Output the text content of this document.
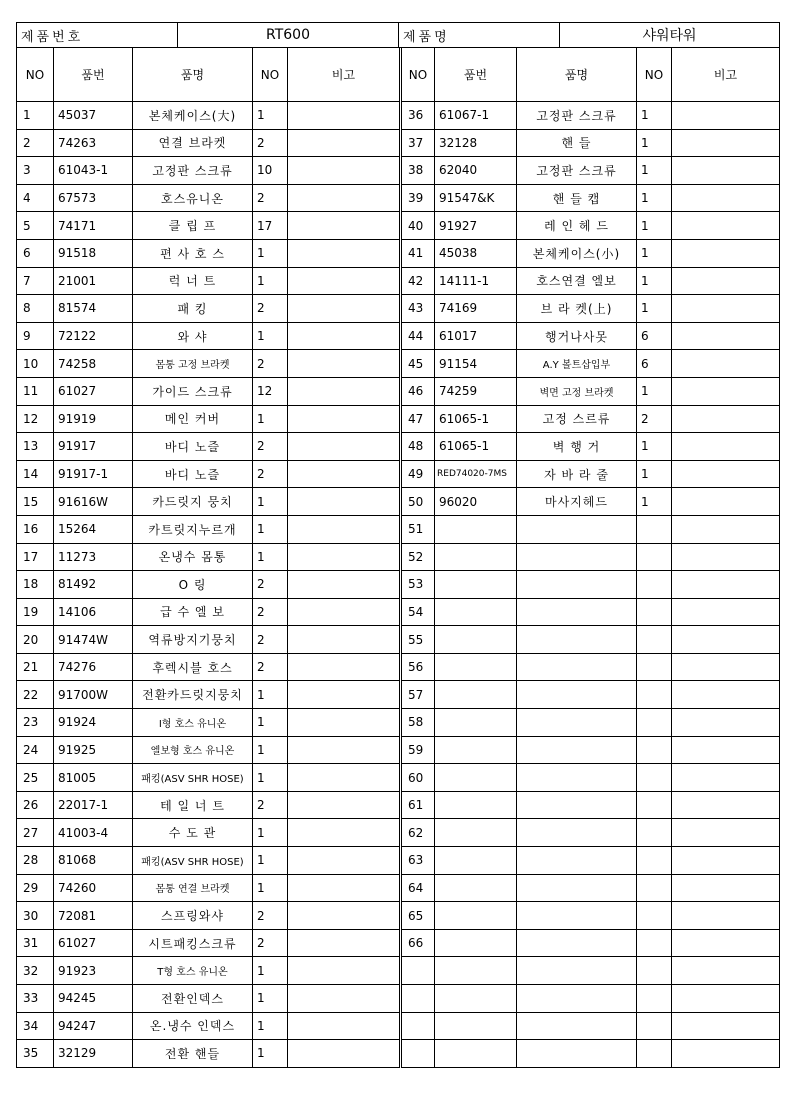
제품번호	RT600	제품명	샤워타워
NO	품번	품명	NO	비고
1	45037	본체케이스(大)	1	
2	74263	연결 브라켓	2	
3	61043-1	고정판 스크류	10	
4	67573	호스유니온	2	
5	74171	클 립 프	17	
6	91518	편 사 호 스	1	
7	21001	럭 너 트	1	
8	81574	패 킹	2	
9	72122	와 샤	1	
10	74258	몸통 고정 브라켓	2	
11	61027	가이드 스크류	12	
12	91919	메인 커버	1	
13	91917	바디 노즐	2	
14	91917-1	바디 노즐	2	
15	91616W	카드릿지 뭉치	1	
16	15264	카트릿지누르개	1	
17	11273	온냉수 몸통	1	
18	81492	O 링	2	
19	14106	급 수 엘 보	2	
20	91474W	역류방지기뭉치	2	
21	74276	후렉시블 호스	2	
22	91700W	전환카드릿지뭉치	1	
23	91924	I형 호스 유니온	1	
24	91925	엘보형 호스 유니온	1	
25	81005	패킹(ASV SHR HOSE)	1	
26	22017-1	테 일 너 트	2	
27	41003-4	수 도 관	1	
28	81068	패킹(ASV SHR HOSE)	1	
29	74260	몸통 연결 브라켓	1	
30	72081	스프링와샤	2	
31	61027	시트패킹스크류	2	
32	91923	T형 호스 유니온	1	
33	94245	전환인덱스	1	
34	94247	온.냉수 인덱스	1	
35	32129	전환 핸들	1	
NO	품번	품명	NO	비고
36	61067-1	고정판 스크류	1	
37	32128	핸 들	1	
38	62040	고정판 스크류	1	
39	91547&K	핸 들 캡	1	
40	91927	레 인 헤 드	1	
41	45038	본체케이스(小)	1	
42	14111-1	호스연결 엘보	1	
43	74169	브 라 켓(上)	1	
44	61017	행거나사못	6	
45	91154	A.Y 볼트삽입부	6	
46	74259	벽면 고정 브라켓	1	
47	61065-1	고정 스르류	2	
48	61065-1	벽 행 거	1	
49	RED74020-7MS	자 바 라 줄	1	
50	96020	마사지헤드	1	
51				
52				
53				
54				
55				
56				
57				
58				
59				
60				
61				
62				
63				
64				
65				
66				
